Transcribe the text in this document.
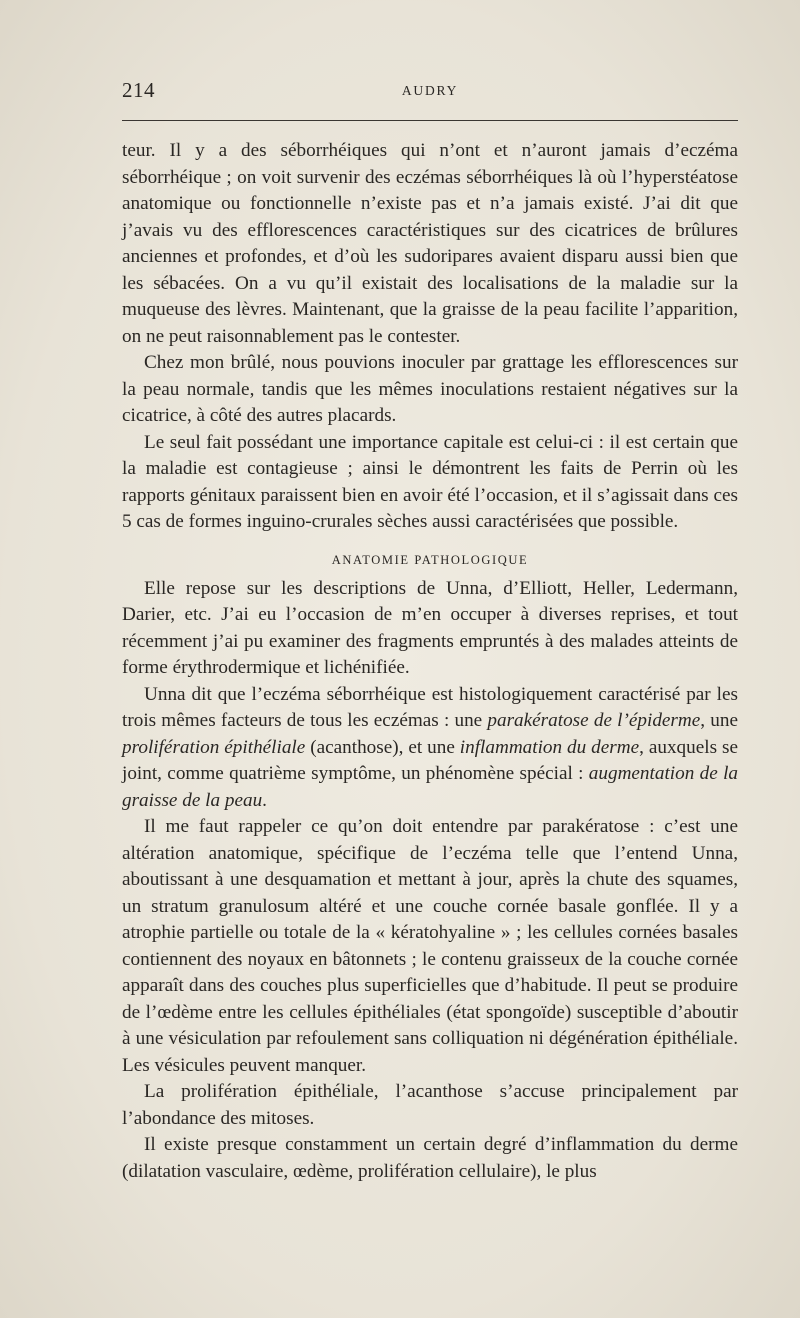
214	AUDRY

teur. Il y a des séborrhéiques qui n’ont et n’auront jamais d’eczéma séborrhéique ; on voit survenir des eczémas séborrhéiques là où l’hyperstéatose anatomique ou fonctionnelle n’existe pas et n’a jamais existé. J’ai dit que j’avais vu des efflorescences caractéristiques sur des cicatrices de brûlures anciennes et profondes, et d’où les sudoripares avaient disparu aussi bien que les sébacées. On a vu qu’il existait des localisations de la maladie sur la muqueuse des lèvres. Maintenant, que la graisse de la peau facilite l’apparition, on ne peut raisonnablement pas le contester.

Chez mon brûlé, nous pouvions inoculer par grattage les efflorescences sur la peau normale, tandis que les mêmes inoculations restaient négatives sur la cicatrice, à côté des autres placards.

Le seul fait possédant une importance capitale est celui-ci : il est certain que la maladie est contagieuse ; ainsi le démontrent les faits de Perrin où les rapports génitaux paraissent bien en avoir été l’occasion, et il s’agissait dans ces 5 cas de formes inguino-crurales sèches aussi caractérisées que possible.

ANATOMIE PATHOLOGIQUE

Elle repose sur les descriptions de Unna, d’Elliott, Heller, Ledermann, Darier, etc. J’ai eu l’occasion de m’en occuper à diverses reprises, et tout récemment j’ai pu examiner des fragments empruntés à des malades atteints de forme érythrodermique et lichénifiée.

Unna dit que l’eczéma séborrhéique est histologiquement caractérisé par les trois mêmes facteurs de tous les eczémas : une parakératose de l’épiderme, une prolifération épithéliale (acanthose), et une inflammation du derme, auxquels se joint, comme quatrième symptôme, un phénomène spécial : augmentation de la graisse de la peau.

Il me faut rappeler ce qu’on doit entendre par parakératose : c’est une altération anatomique, spécifique de l’eczéma telle que l’entend Unna, aboutissant à une desquamation et mettant à jour, après la chute des squames, un stratum granulosum altéré et une couche cornée basale gonflée. Il y a atrophie partielle ou totale de la « kératohyaline » ; les cellules cornées basales contiennent des noyaux en bâtonnets ; le contenu graisseux de la couche cornée apparaît dans des couches plus superficielles que d’habitude. Il peut se produire de l’œdème entre les cellules épithéliales (état spongoïde) susceptible d’aboutir à une vésiculation par refoulement sans colliquation ni dégénération épithéliale. Les vésicules peuvent manquer.

La prolifération épithéliale, l’acanthose s’accuse principalement par l’abondance des mitoses.

Il existe presque constamment un certain degré d’inflammation du derme (dilatation vasculaire, œdème, prolifération cellulaire), le plus
